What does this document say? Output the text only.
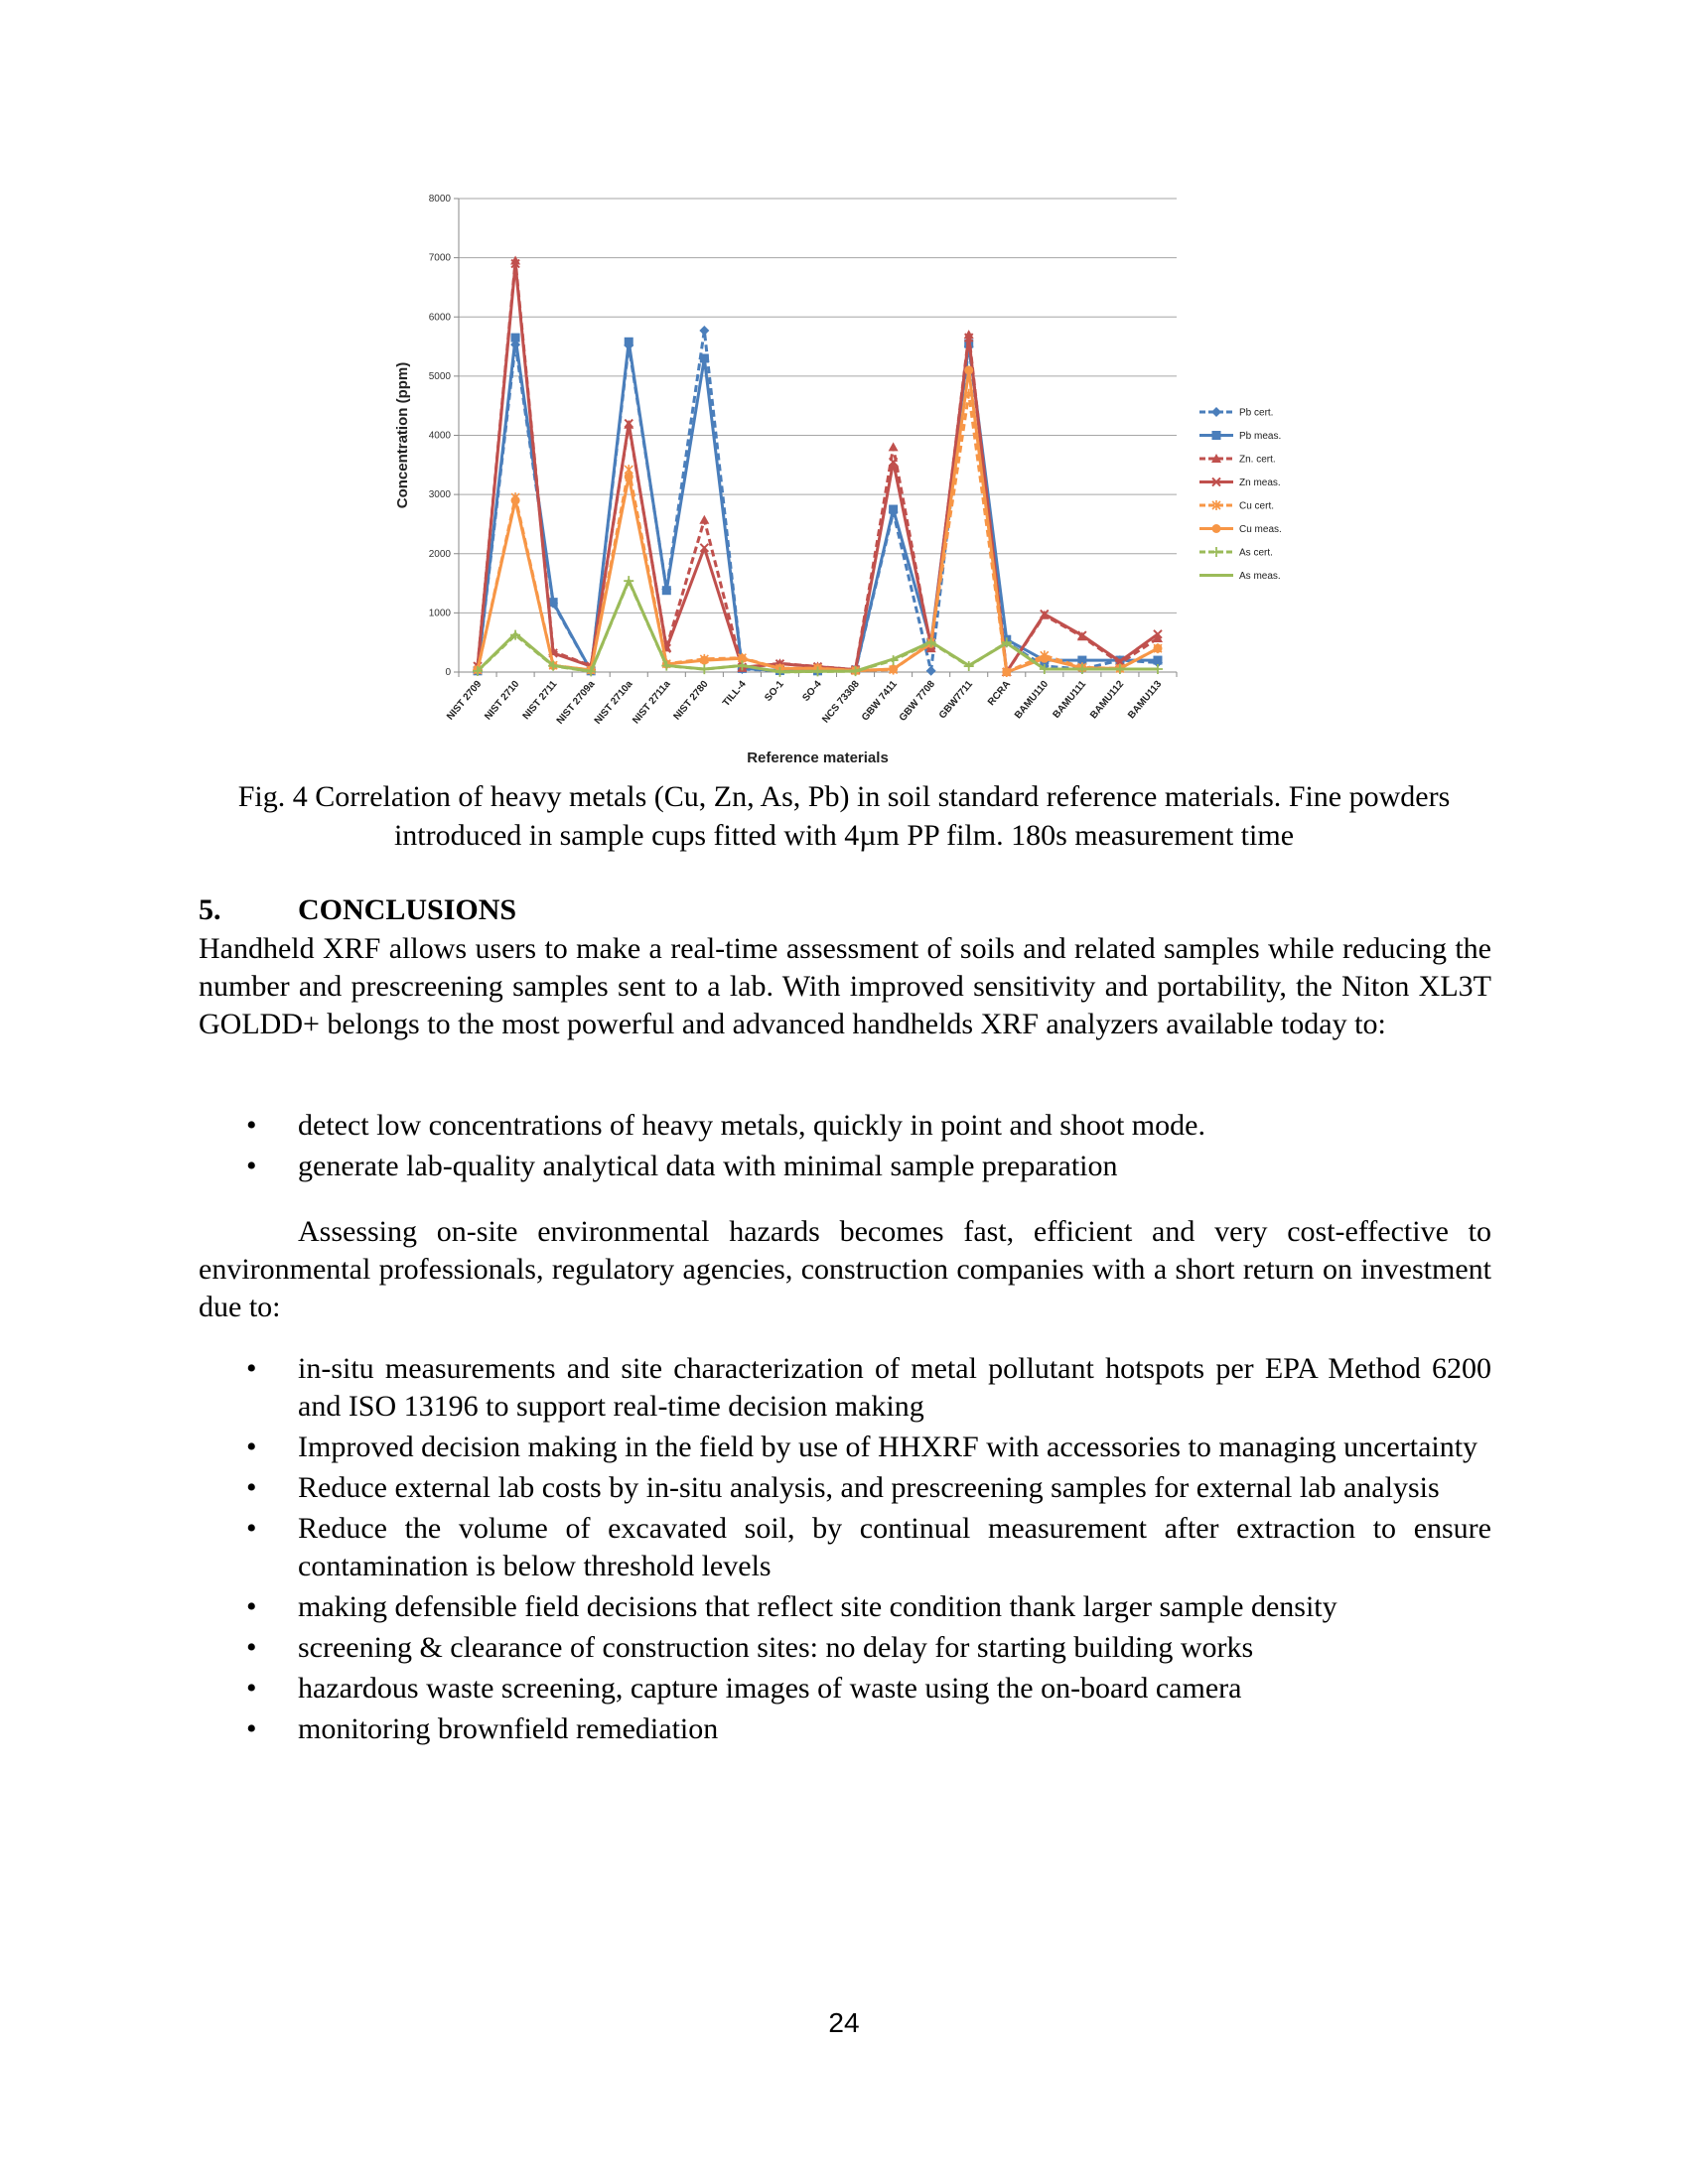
0
1000
2000
3000
4000
5000
6000
7000
8000
NIST 2709
NIST 2710 NIST 2711
NIST 2709a
NIST 2710a
NIST 2711a
NIST 2780 TILL-4 SO-1 SO-4
NCS 73308
GBW 7411
GBW 7708 GBW7711 RCRA BAMU110 BAMU111 BAMU112 BAMU113
Concentration (ppm)
Reference materials
Pb cert.
Pb meas.
Zn. cert.
Zn meas.
Cu cert.
Cu meas.
As cert.
As meas.
Fig. 4 Correlation of heavy metals (Cu, Zn, As, Pb) in soil standard reference materials. Fine powders introduced in sample cups fitted with 4µm PP film. 180s measurement time
5.	CONCLUSIONS
Handheld XRF allows users to make a real-time assessment of soils and related samples while reducing the number and prescreening samples sent to a lab. With improved sensitivity and portability, the Niton XL3T GOLDD+ belongs to the most powerful and advanced handhelds XRF analyzers available today to:
• detect low concentrations of heavy metals, quickly in point and shoot mode.
• generate lab-quality analytical data with minimal sample preparation
Assessing on-site environmental hazards becomes fast, efficient and very cost-effective to environmental professionals, regulatory agencies, construction companies with a short return on investment due to:
• in-situ measurements and site characterization of metal pollutant hotspots per EPA Method 6200 and ISO 13196 to support real-time decision making
• Improved decision making in the field by use of HHXRF with accessories to managing uncertainty
• Reduce external lab costs by in-situ analysis, and prescreening samples for external lab analysis
• Reduce the volume of excavated soil, by continual measurement after extraction to ensure contamination is below threshold levels
• making defensible field decisions that reflect site condition thank larger sample density
• screening & clearance of construction sites: no delay for starting building works
• hazardous waste screening, capture images of waste using the on-board camera
• monitoring brownfield remediation
24
